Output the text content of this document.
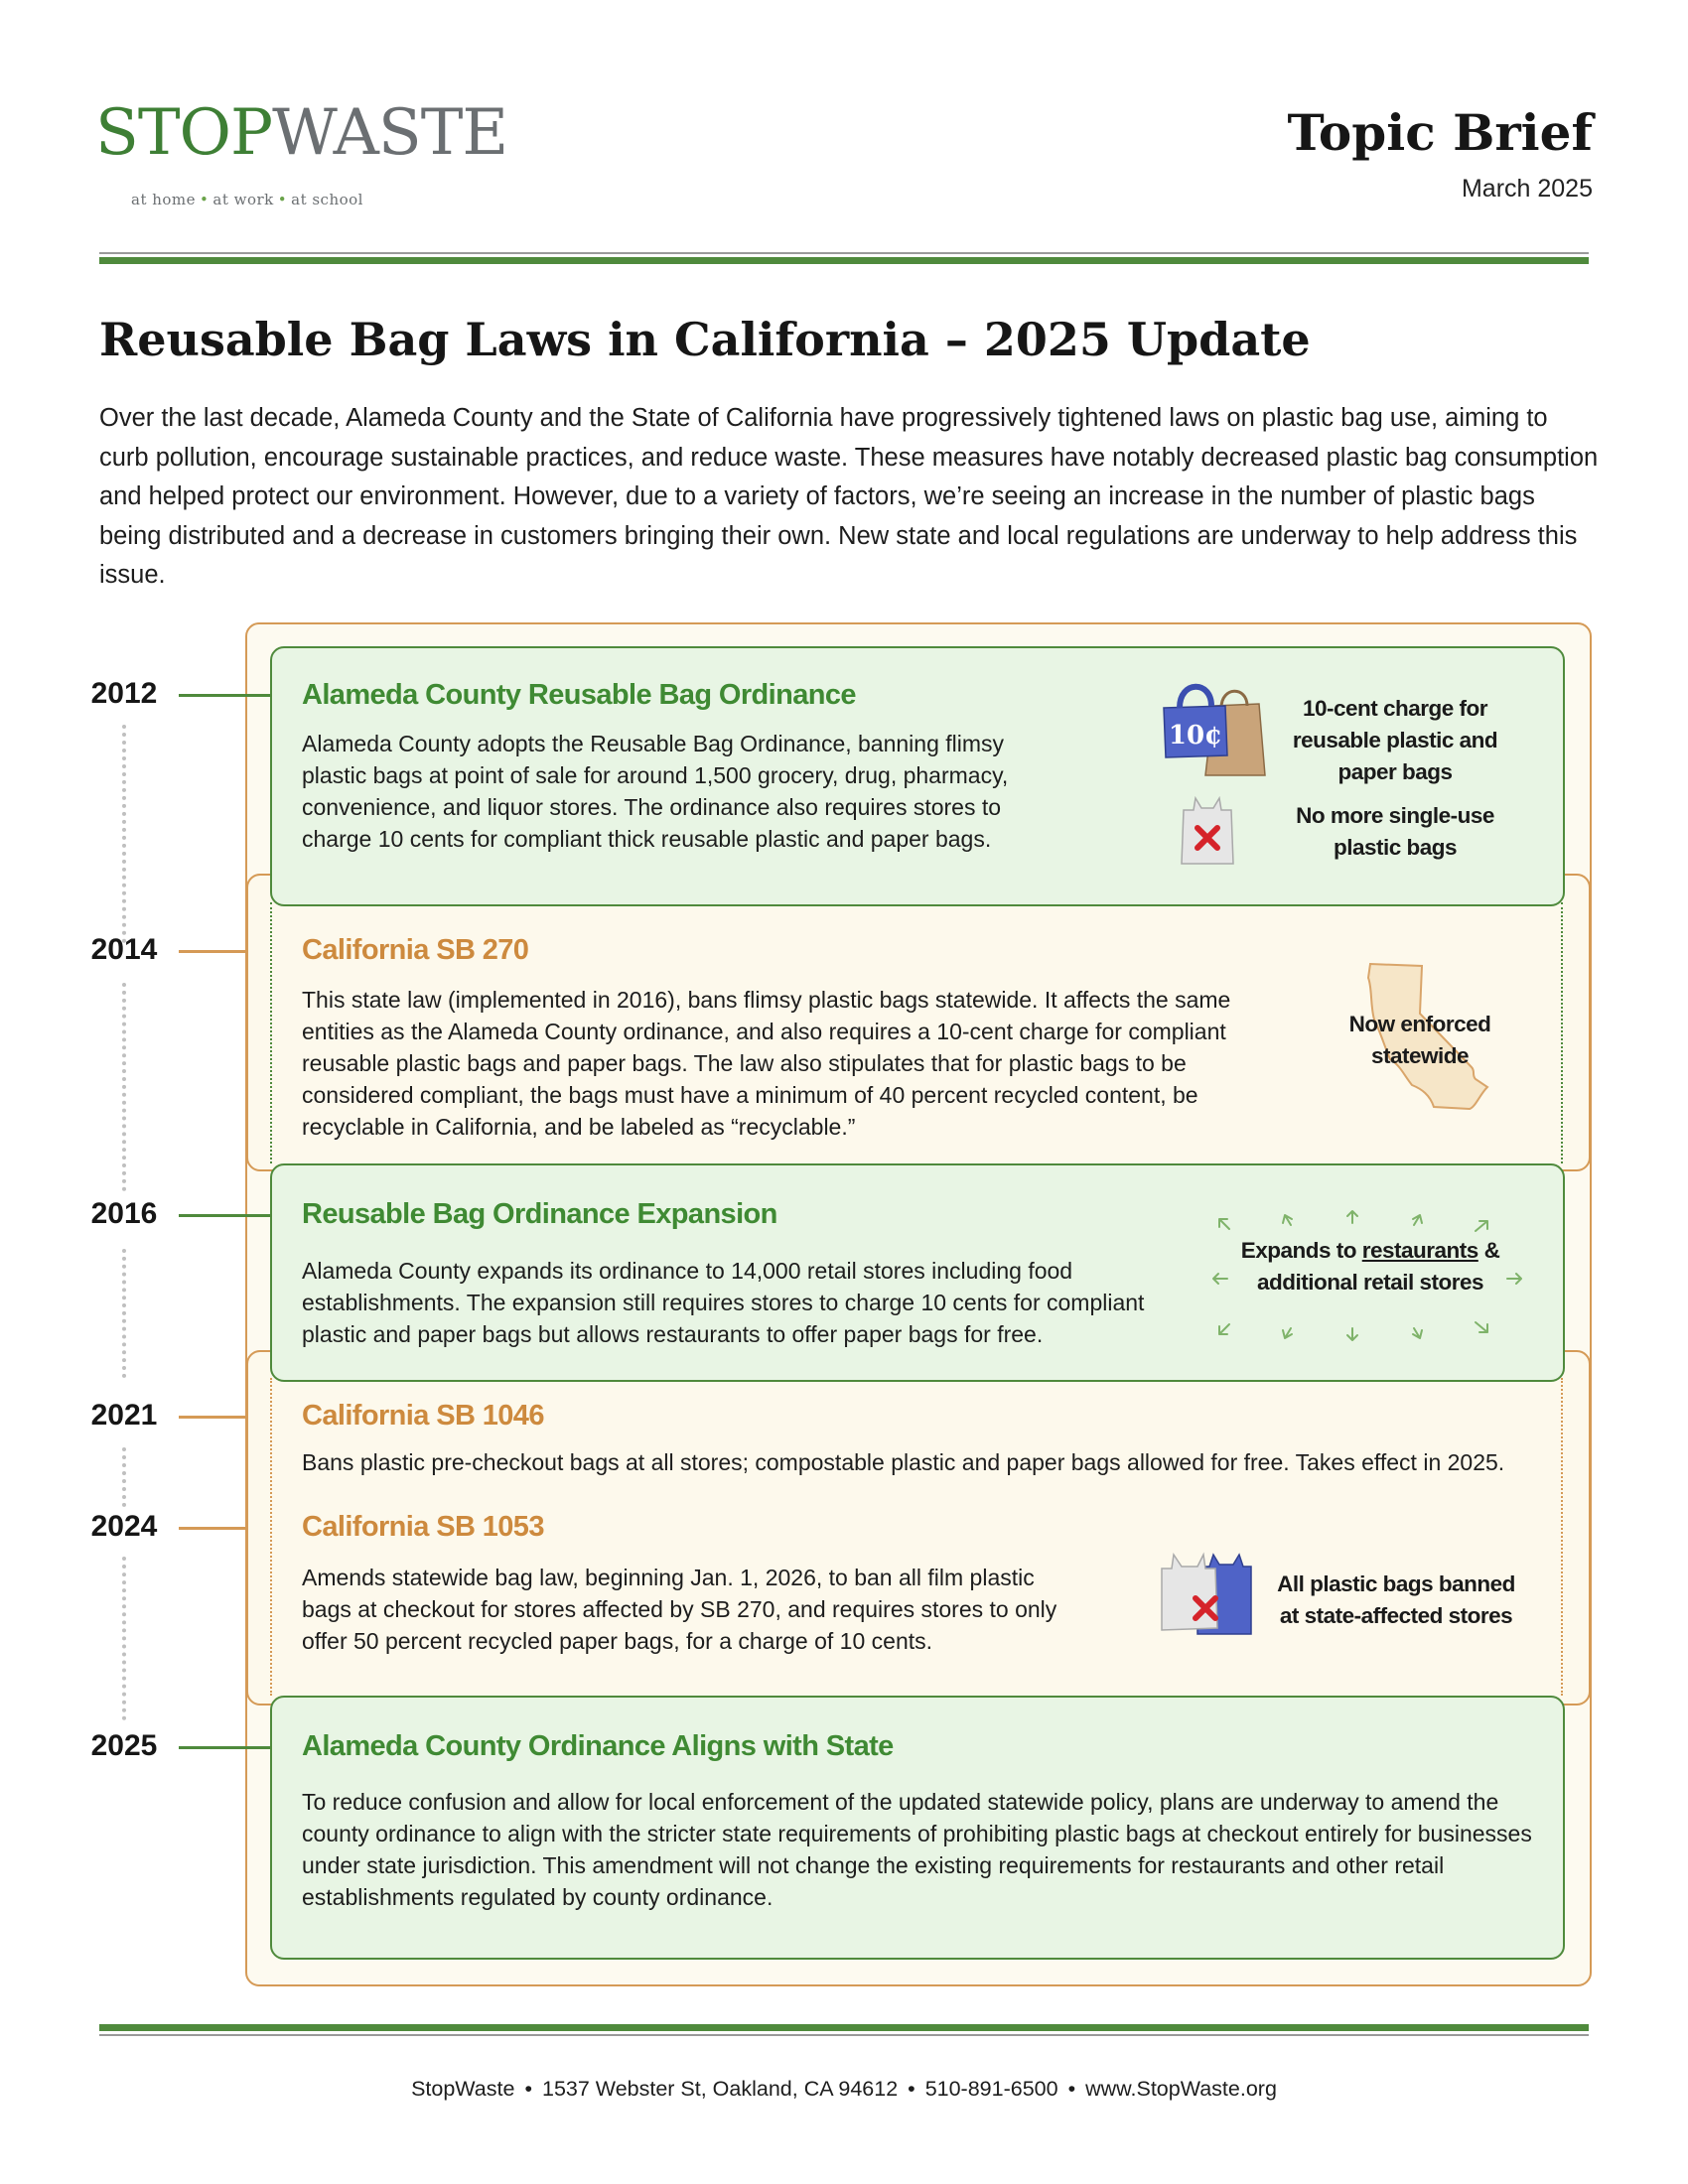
STOPWASTE
at home • at work • at school
Topic Brief
March 2025
Reusable Bag Laws in California – 2025 Update
Over the last decade, Alameda County and the State of California have progressively tightened laws on plastic bag use, aiming to curb pollution, encourage sustainable practices, and reduce waste. These measures have notably decreased plastic bag consumption and helped protect our environment. However, due to a variety of factors, we’re seeing an increase in the number of plastic bags being distributed and a decrease in customers bringing their own. New state and local regulations are underway to help address this issue.
2012	Alameda County Reusable Bag Ordinance
Alameda County adopts the Reusable Bag Ordinance, banning flimsy plastic bags at point of sale for around 1,500 grocery, drug, pharmacy, convenience, and liquor stores. The ordinance also requires stores to charge 10 cents for compliant thick reusable plastic and paper bags.
10¢
10-cent charge for reusable plastic and paper bags
No more single-use plastic bags
2014	California SB 270
This state law (implemented in 2016), bans flimsy plastic bags statewide. It affects the same entities as the Alameda County ordinance, and also requires a 10-cent charge for compliant reusable plastic bags and paper bags. The law also stipulates that for plastic bags to be considered compliant, the bags must have a minimum of 40 percent recycled content, be recyclable in California, and be labeled as “recyclable.”
Now enforced statewide
2016	Reusable Bag Ordinance Expansion
Alameda County expands its ordinance to 14,000 retail stores including food establishments. The expansion still requires stores to charge 10 cents for compliant plastic and paper bags but allows restaurants to offer paper bags for free.
Expands to restaurants & additional retail stores
2021	California SB 1046
Bans plastic pre-checkout bags at all stores; compostable plastic and paper bags allowed for free. Takes effect in 2025.
2024	California SB 1053
Amends statewide bag law, beginning Jan. 1, 2026, to ban all film plastic bags at checkout for stores affected by SB 270, and requires stores to only offer 50 percent recycled paper bags, for a charge of 10 cents.
All plastic bags banned at state-affected stores
2025	Alameda County Ordinance Aligns with State
To reduce confusion and allow for local enforcement of the updated statewide policy, plans are underway to amend the county ordinance to align with the stricter state requirements of prohibiting plastic bags at checkout entirely for businesses under state jurisdiction. This amendment will not change the existing requirements for restaurants and other retail establishments regulated by county ordinance.
StopWaste • 1537 Webster St, Oakland, CA 94612 • 510-891-6500 • www.StopWaste.org
